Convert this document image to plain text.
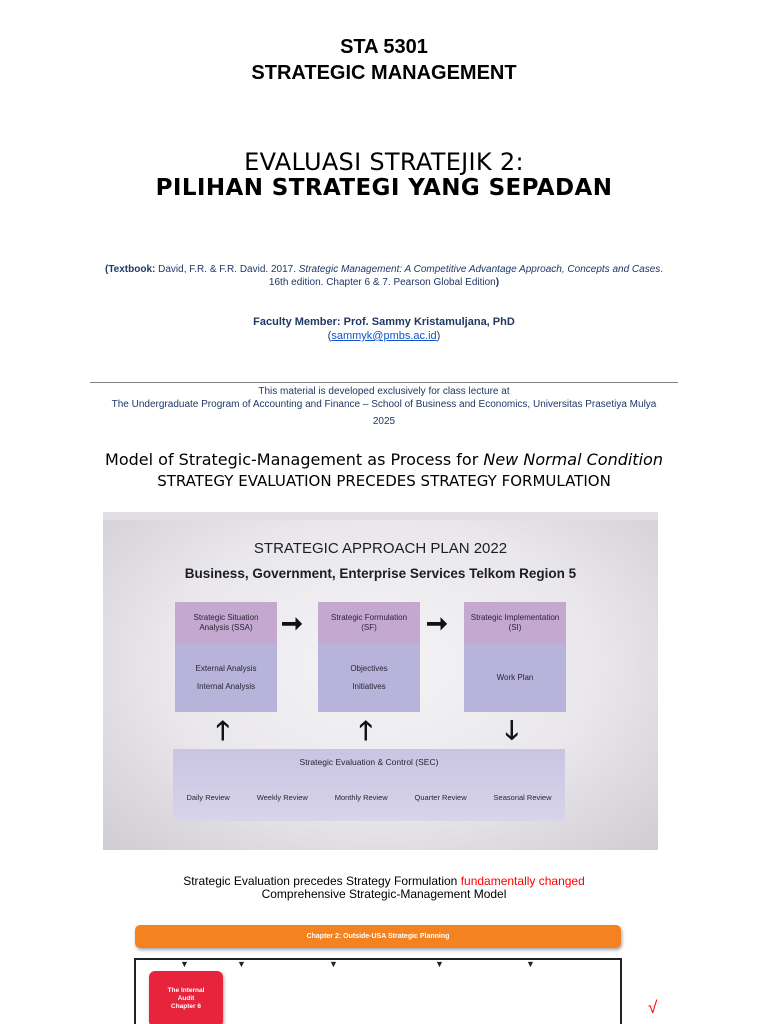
STA 5301
STRATEGIC MANAGEMENT
EVALUASI STRATEJIK 2:
PILIHAN STRATEGI YANG SEPADAN
(Textbook: David, F.R. & F.R. David. 2017. Strategic Management: A Competitive Advantage Approach, Concepts and Cases.
16th edition. Chapter 6 & 7. Pearson Global Edition)
Faculty Member: Prof. Sammy Kristamuljana, PhD
(sammyk@pmbs.ac.id)
This material is developed exclusively for class lecture at
The Undergraduate Program of Accounting and Finance – School of Business and Economics, Universitas Prasetiya Mulya
2025
Model of Strategic-Management as Process for New Normal Condition
STRATEGY EVALUATION PRECEDES STRATEGY FORMULATION
STRATEGIC APPROACH PLAN 2022
Business, Government, Enterprise Services Telkom Region 5
Strategic Situation Analysis (SSA)
External Analysis
Internal Analysis
➞	Strategic Formulation (SF)
Objectives
Initiatives
➞	Strategic Implementation (SI)
Work Plan
🡑	🡑	🡓
Strategic Evaluation & Control (SEC)
Daily Review	Weekly Review	Monthly Review	Quarter Review	Seasonal Review
Strategic Evaluation precedes Strategy Formulation fundamentally changed
Comprehensive Strategic-Management Model
Chapter 2: Outside-USA Strategic Planning
▼	▼	▼	▼	▼
The Internal
Audit
Chapter 6	√
